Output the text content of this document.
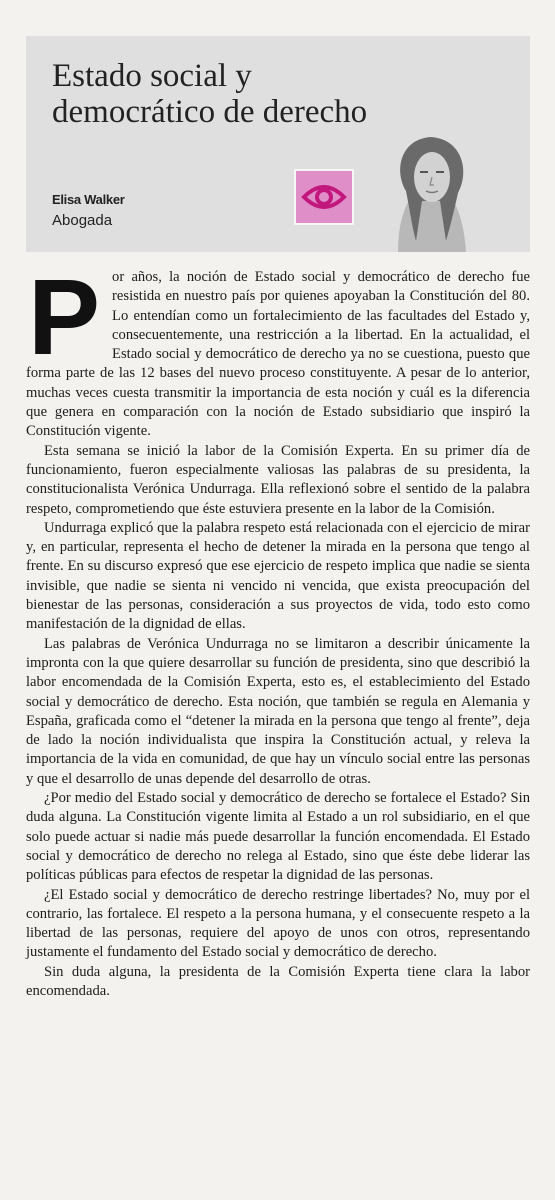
Estado social y democrático de derecho
Elisa Walker
Abogada

Por años, la noción de Estado social y democrático de derecho fue resistida en nuestro país por quienes apoyaban la Constitución del 80. Lo entendían como un fortalecimiento de las facultades del Estado y, consecuentemente, una restricción a la libertad. En la actualidad, el Estado social y democrático de derecho ya no se cuestiona, puesto que forma parte de las 12 bases del nuevo proceso constituyente. A pesar de lo anterior, muchas veces cuesta transmitir la importancia de esta noción y cuál es la diferencia que genera en comparación con la noción de Estado subsidiario que inspiró la Constitución vigente.

Esta semana se inició la labor de la Comisión Experta. En su primer día de funcionamiento, fueron especialmente valiosas las palabras de su presidenta, la constitucionalista Verónica Undurraga. Ella reflexionó sobre el sentido de la palabra respeto, comprometiendo que éste estuviera presente en la labor de la Comisión.

Undurraga explicó que la palabra respeto está relacionada con el ejercicio de mirar y, en particular, representa el hecho de detener la mirada en la persona que tengo al frente. En su discurso expresó que ese ejercicio de respeto implica que nadie se sienta invisible, que nadie se sienta ni vencido ni vencida, que exista preocupación del bienestar de las personas, consideración a sus proyectos de vida, todo esto como manifestación de la dignidad de ellas.

Las palabras de Verónica Undurraga no se limitaron a describir únicamente la impronta con la que quiere desarrollar su función de presidenta, sino que describió la labor encomendada de la Comisión Experta, esto es, el establecimiento del Estado social y democrático de derecho. Esta noción, que también se regula en Alemania y España, graficada como el “detener la mirada en la persona que tengo al frente”, deja de lado la noción individualista que inspira la Constitución actual, y releva la importancia de la vida en comunidad, de que hay un vínculo social entre las personas y que el desarrollo de unas depende del desarrollo de otras.

¿Por medio del Estado social y democrático de derecho se fortalece el Estado? Sin duda alguna. La Constitución vigente limita al Estado a un rol subsidiario, en el que solo puede actuar si nadie más puede desarrollar la función encomendada. El Estado social y democrático de derecho no relega al Estado, sino que éste debe liderar las políticas públicas para efectos de respetar la dignidad de las personas.

¿El Estado social y democrático de derecho restringe libertades? No, muy por el contrario, las fortalece. El respeto a la persona humana, y el consecuente respeto a la libertad de las personas, requiere del apoyo de unos con otros, representando justamente el fundamento del Estado social y democrático de derecho.

Sin duda alguna, la presidenta de la Comisión Experta tiene clara la labor encomendada.
